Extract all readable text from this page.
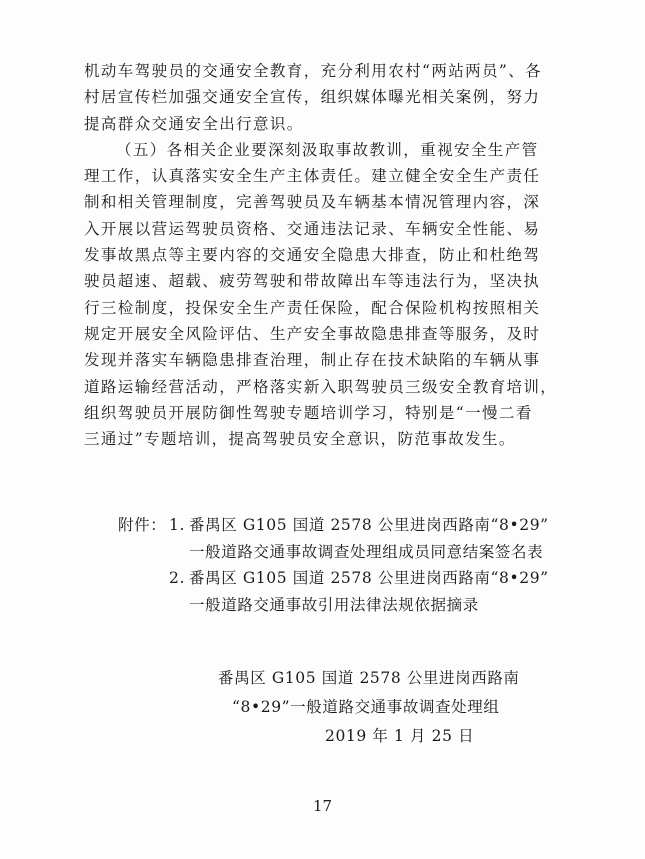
机动车驾驶员的交通安全教育，充分利用农村“两站两员”、各

村居宣传栏加强交通安全宣传，组织媒体曝光相关案例，努力

提高群众交通安全出行意识。

（五）各相关企业要深刻汲取事故教训，重视安全生产管

理工作，认真落实安全生产主体责任。建立健全安全生产责任

制和相关管理制度，完善驾驶员及车辆基本情况管理内容，深

入开展以营运驾驶员资格、交通违法记录、车辆安全性能、易

发事故黑点等主要内容的交通安全隐患大排查，防止和杜绝驾

驶员超速、超载、疲劳驾驶和带故障出车等违法行为，坚决执

行三检制度，投保安全生产责任保险，配合保险机构按照相关

规定开展安全风险评估、生产安全事故隐患排查等服务，及时

发现并落实车辆隐患排查治理，制止存在技术缺陷的车辆从事

道路运输经营活动，严格落实新入职驾驶员三级安全教育培训，

组织驾驶员开展防御性驾驶专题培训学习，特别是“一慢二看

三通过”专题培训，提高驾驶员安全意识，防范事故发生。

附件： 1. 番禺区 G105 国道 2578 公里进岗西路南“8•29”
一般道路交通事故调查处理组成员同意结案签名表
2. 番禺区 G105 国道 2578 公里进岗西路南“8•29”
一般道路交通事故引用法律法规依据摘录
番禺区 G105 国道 2578 公里进岗西路南
“8•29”一般道路交通事故调查处理组
2019 年 1 月 25 日
17
